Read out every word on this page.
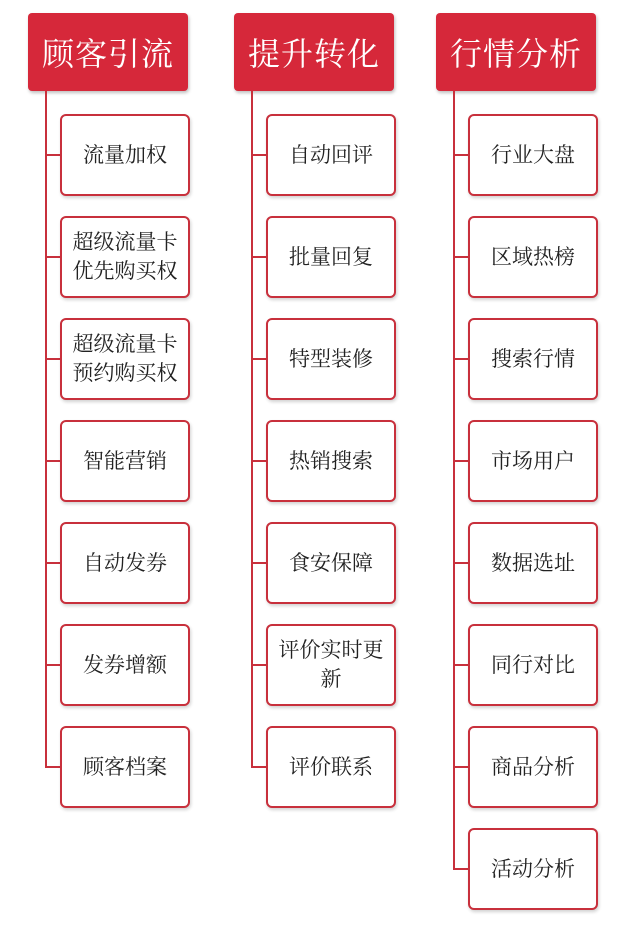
顾客引流
流量加权
超级流量卡
优先购买权
超级流量卡
预约购买权
智能营销
自动发券
发券增额
顾客档案
提升转化
自动回评
批量回复
特型装修
热销搜索
食安保障
评价实时更
新
评价联系
行情分析
行业大盘
区域热榜
搜索行情
市场用户
数据选址
同行对比
商品分析
活动分析
